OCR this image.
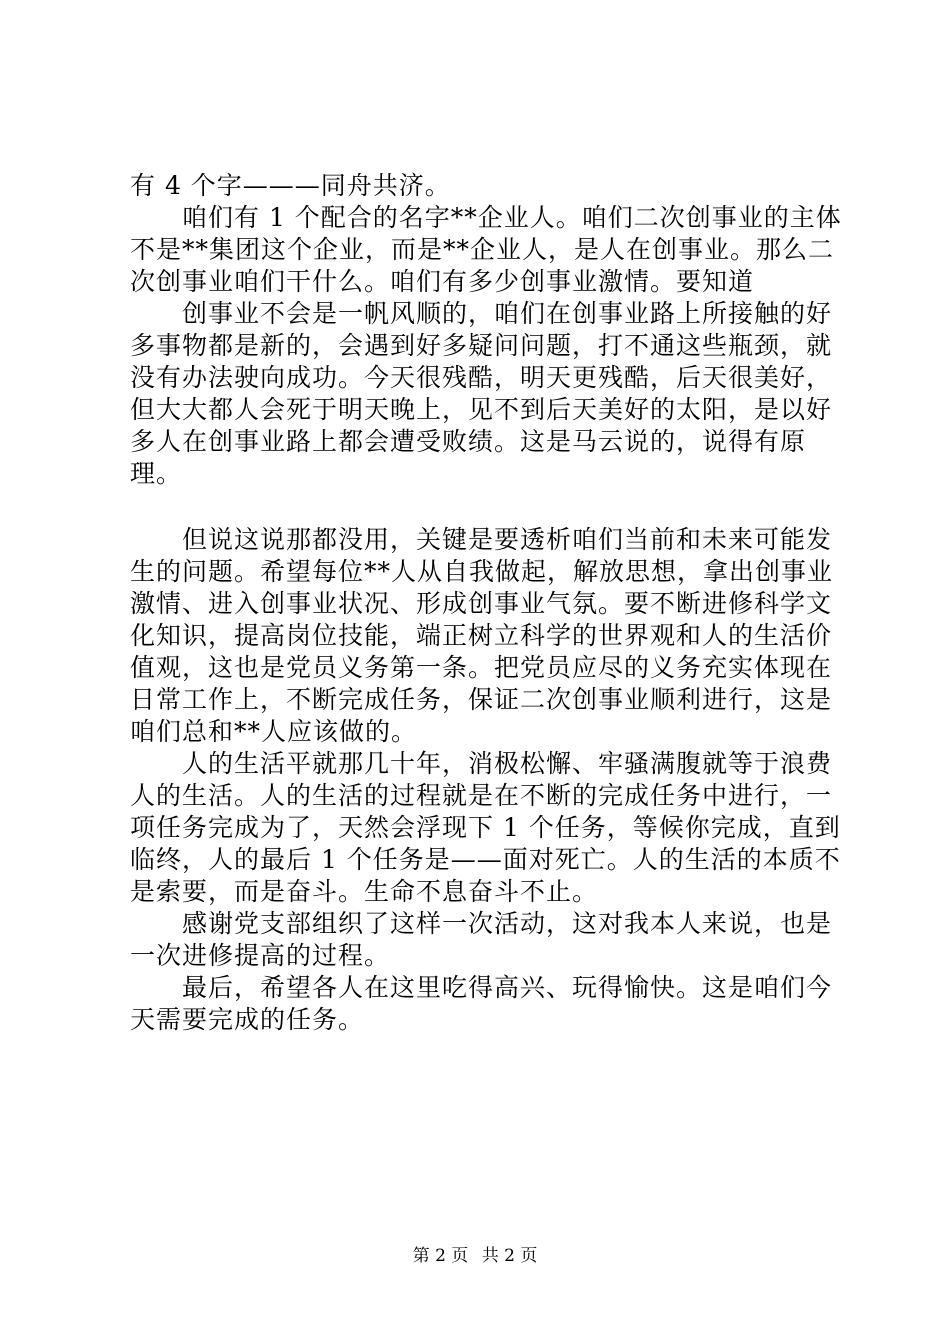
有 4 个字———同舟共济。

咱们有 1 个配合的名字**企业人。咱们二次创事业的主体不是**集团这个企业，而是**企业人，是人在创事业。那么二次创事业咱们干什么。咱们有多少创事业激情。要知道

创事业不会是一帆风顺的，咱们在创事业路上所接触的好多事物都是新的，会遇到好多疑问问题，打不通这些瓶颈，就没有办法驶向成功。今天很残酷，明天更残酷，后天很美好，但大大都人会死于明天晚上，见不到后天美好的太阳，是以好多人在创事业路上都会遭受败绩。这是马云说的，说得有原理。

但说这说那都没用，关键是要透析咱们当前和未来可能发生的问题。希望每位**人从自我做起，解放思想，拿出创事业激情、进入创事业状况、形成创事业气氛。要不断进修科学文化知识，提高岗位技能，端正树立科学的世界观和人的生活价值观，这也是党员义务第一条。把党员应尽的义务充实体现在日常工作上，不断完成任务，保证二次创事业顺利进行，这是咱们总和**人应该做的。

人的生活平就那几十年，消极松懈、牢骚满腹就等于浪费人的生活。人的生活的过程就是在不断的完成任务中进行，一项任务完成为了，天然会浮现下 1 个任务，等候你完成，直到临终，人的最后 1 个任务是——面对死亡。人的生活的本质不是索要，而是奋斗。生命不息奋斗不止。

感谢党支部组织了这样一次活动，这对我本人来说，也是一次进修提高的过程。

最后，希望各人在这里吃得高兴、玩得愉快。这是咱们今天需要完成的任务。

第 2 页 共 2 页
